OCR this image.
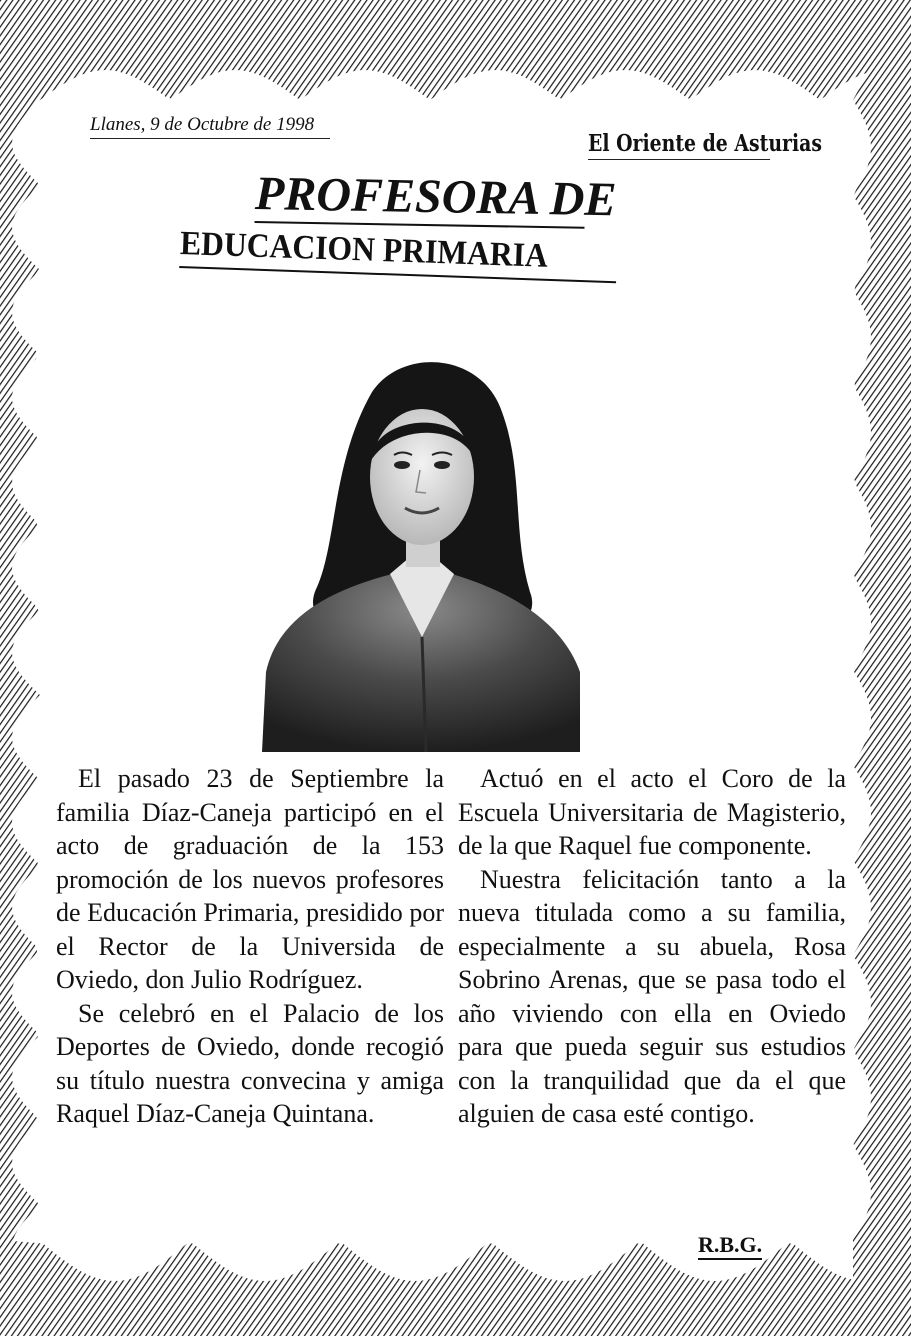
Llanes, 9 de Octubre de 1998
El Oriente de Asturias
PROFESORA DE
EDUCACION PRIMARIA

El pasado 23 de Septiembre la familia Díaz-Caneja participó en el acto de graduación de la 153 promoción de los nuevos profesores de Educación Primaria, presidido por el Rector de la Universida de Oviedo, don Julio Rodríguez.

Se celebró en el Palacio de los Deportes de Oviedo, donde recogió su título nuestra convecina y amiga Raquel Díaz-Caneja Quintana.

Actuó en el acto el Coro de la Escuela Universitaria de Magisterio, de la que Raquel fue componente.

Nuestra felicitación tanto a la nueva titulada como a su familia, especialmente a su abuela, Rosa Sobrino Arenas, que se pasa todo el año viviendo con ella en Oviedo para que pueda seguir sus estudios con la tranquilidad que da el que alguien de casa esté contigo.

R.B.G.
